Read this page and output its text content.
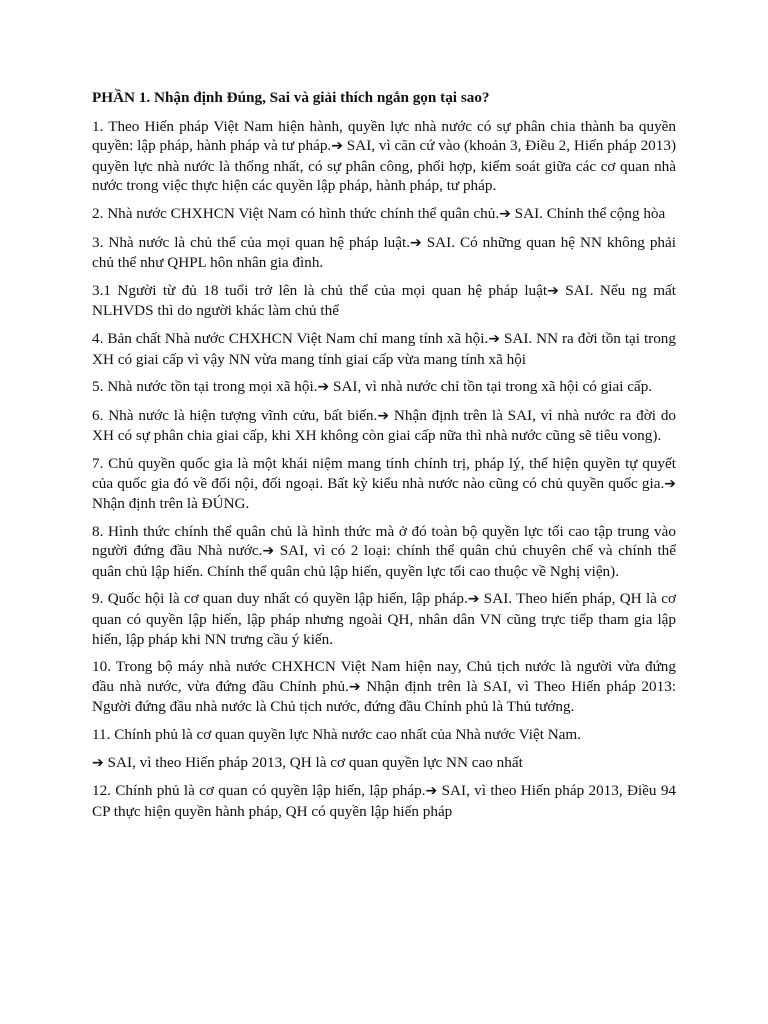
PHẦN 1. Nhận định Đúng, Sai và giải thích ngắn gọn tại sao?

1. Theo Hiến pháp Việt Nam hiện hành, quyền lực nhà nước có sự phân chia thành ba quyền quyền: lập pháp, hành pháp và tư pháp.➔ SAI, vì căn cứ vào (khoản 3, Điều 2, Hiến pháp 2013) quyền lực nhà nước là thống nhất, có sự phân công, phối hợp, kiểm soát giữa các cơ quan nhà nước trong việc thực hiện các quyền lập pháp, hành pháp, tư pháp.

2. Nhà nước CHXHCN Việt Nam có hình thức chính thể quân chủ.➔ SAI. Chính thể cộng hòa

3. Nhà nước là chủ thể của mọi quan hệ pháp luật.➔ SAI. Có những quan hệ NN không phải chủ thể như QHPL hôn nhân gia đình.

3.1 Người từ đủ 18 tuổi trở lên là chủ thể của mọi quan hệ pháp luật➔ SAI. Nếu ng mất NLHVDS thì do người khác làm chủ thể

4. Bản chất Nhà nước CHXHCN Việt Nam chỉ mang tính xã hội.➔ SAI. NN ra đời tồn tại trong XH có giai cấp vì vậy NN vừa mang tính giai cấp vừa mang tính xã hội

5. Nhà nước tồn tại trong mọi xã hội.➔ SAI, vì nhà nước chỉ tồn tại trong xã hội có giai cấp.

6. Nhà nước là hiện tượng vĩnh cửu, bất biến.➔ Nhận định trên là SAI, vì nhà nước ra đời do XH có sự phân chia giai cấp, khi XH không còn giai cấp nữa thì nhà nước cũng sẽ tiêu vong).

7. Chủ quyền quốc gia là một khái niệm mang tính chính trị, pháp lý, thể hiện quyền tự quyết của quốc gia đó về đối nội, đối ngoại. Bất kỳ kiểu nhà nước nào cũng có chủ quyền quốc gia.➔ Nhận định trên là ĐÚNG.

8. Hình thức chính thể quân chủ là hình thức mà ở đó toàn bộ quyền lực tối cao tập trung vào người đứng đầu Nhà nước.➔ SAI, vì có 2 loại: chính thể quân chủ chuyên chế và chính thể quân chủ lập hiến. Chính thể quân chủ lập hiến, quyền lực tối cao thuộc về Nghị viện).

9. Quốc hội là cơ quan duy nhất có quyền lập hiến, lập pháp.➔ SAI. Theo hiến pháp, QH là cơ quan có quyền lập hiến, lập pháp nhưng ngoài QH, nhân dân VN cũng trực tiếp tham gia lập hiến, lập pháp khi NN trưng cầu ý kiến.

10. Trong bộ máy nhà nước CHXHCN Việt Nam hiện nay, Chủ tịch nước là người vừa đứng đầu nhà nước, vừa đứng đầu Chính phủ.➔ Nhận định trên là SAI, vì Theo Hiến pháp 2013: Người đứng đầu nhà nước là Chủ tịch nước, đứng đầu Chính phủ là Thủ tướng.

11. Chính phủ là cơ quan quyền lực Nhà nước cao nhất của Nhà nước Việt Nam.

➔ SAI, vì theo Hiến pháp 2013, QH là cơ quan quyền lực NN cao nhất

12. Chính phủ là cơ quan có quyền lập hiến, lập pháp.➔ SAI, vì theo Hiến pháp 2013, Điều 94 CP thực hiện quyền hành pháp, QH có quyền lập hiến pháp
